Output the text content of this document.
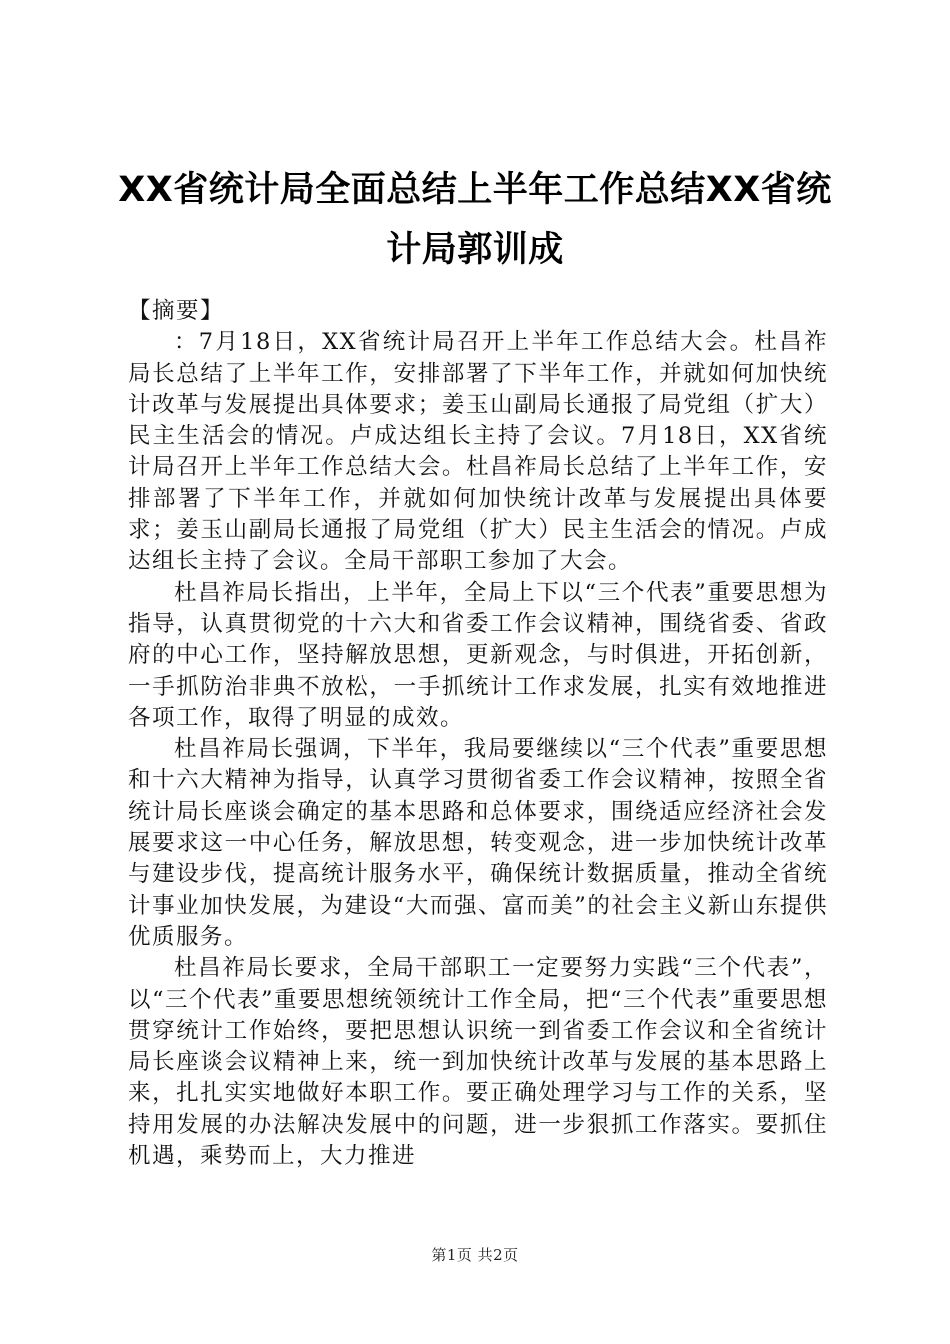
XX省统计局全面总结上半年工作总结XX省统计局郭训成

【摘要】

：7月18日，XX省统计局召开上半年工作总结大会。杜昌祚局长总结了上半年工作，安排部署了下半年工作，并就如何加快统计改革与发展提出具体要求；姜玉山副局长通报了局党组（扩大）民主生活会的情况。卢成达组长主持了会议。7月18日，XX省统计局召开上半年工作总结大会。杜昌祚局长总结了上半年工作，安排部署了下半年工作，并就如何加快统计改革与发展提出具体要求；姜玉山副局长通报了局党组（扩大）民主生活会的情况。卢成达组长主持了会议。全局干部职工参加了大会。

杜昌祚局长指出，上半年，全局上下以“三个代表”重要思想为指导，认真贯彻党的十六大和省委工作会议精神，围绕省委、省政府的中心工作，坚持解放思想，更新观念，与时俱进，开拓创新，一手抓防治非典不放松，一手抓统计工作求发展，扎实有效地推进各项工作，取得了明显的成效。

杜昌祚局长强调，下半年，我局要继续以“三个代表”重要思想和十六大精神为指导，认真学习贯彻省委工作会议精神，按照全省统计局长座谈会确定的基本思路和总体要求，围绕适应经济社会发展要求这一中心任务，解放思想，转变观念，进一步加快统计改革与建设步伐，提高统计服务水平，确保统计数据质量，推动全省统计事业加快发展，为建设“大而强、富而美”的社会主义新山东提供优质服务。

杜昌祚局长要求，全局干部职工一定要努力实践“三个代表”，以“三个代表”重要思想统领统计工作全局，把“三个代表”重要思想贯穿统计工作始终，要把思想认识统一到省委工作会议和全省统计局长座谈会议精神上来，统一到加快统计改革与发展的基本思路上来，扎扎实实地做好本职工作。要正确处理学习与工作的关系，坚持用发展的办法解决发展中的问题，进一步狠抓工作落实。要抓住机遇，乘势而上，大力推进

第1页 共2页
